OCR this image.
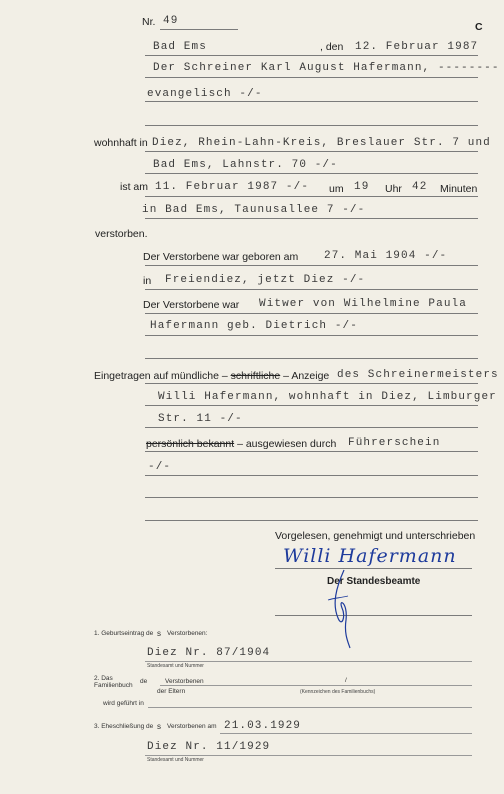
Nr. 49	C
Bad Ems	, den 12. Februar 1987
Der Schreiner Karl August Hafermann, --------
evangelisch -/-
wohnhaft in Diez, Rhein-Lahn-Kreis, Breslauer Str. 7 und
Bad Ems, Lahnstr. 70 -/-
ist am 11. Februar 1987 -/- um 19 Uhr 42 Minuten
in Bad Ems, Taunusallee 7 -/-
verstorben.
Der Verstorbene war geboren am 27. Mai 1904 -/-
in Freiendiez, jetzt Diez -/-
Der Verstorbene war Witwer von Wilhelmine Paula
Hafermann geb. Dietrich -/-
Eingetragen auf mündliche – schriftliche – Anzeige des Schreinermeisters
Willi Hafermann, wohnhaft in Diez, Limburger
Str. 11 -/-
persönlich bekannt – ausgewiesen durch Führerschein
-/-
Vorgelesen, genehmigt und unterschrieben
Willi Hafermann
Der Standesbeamte
1. Geburtseintrag de s Verstorbenen:
Diez Nr. 87/1904
Standesamt und Nummer
2. Das
Familienbuch
de	Verstorbenen	/
der Eltern	(Kennzeichen des Familienbuchs)
wird geführt in
3. Eheschließung de s Verstorbenen am 21.03.1929
Diez Nr. 11/1929
Standesamt und Nummer
